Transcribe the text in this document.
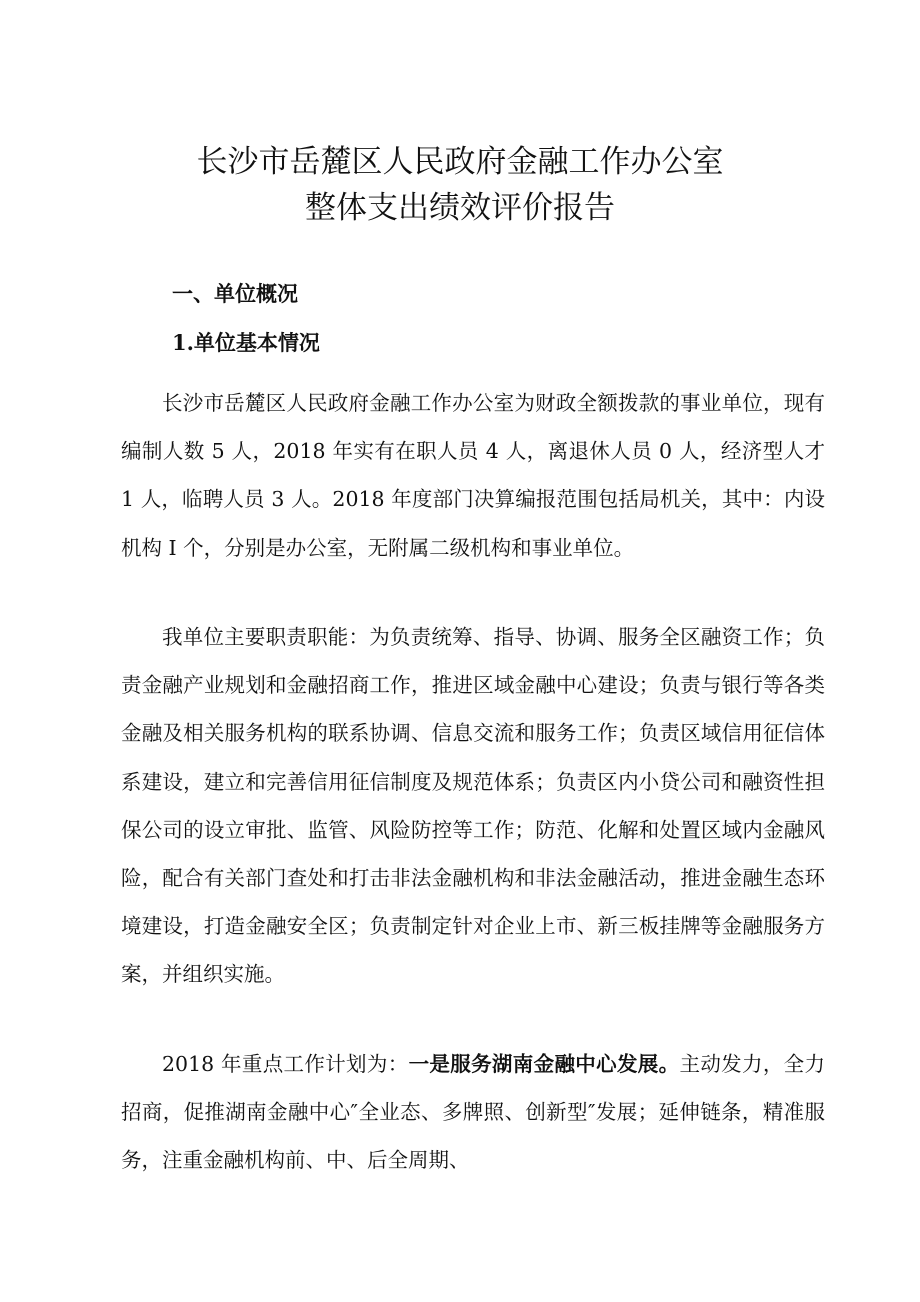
长沙市岳麓区人民政府金融工作办公室
整体支出绩效评价报告
一、单位概况
1.单位基本情况

长沙市岳麓区人民政府金融工作办公室为财政全额拨款的事业单位，现有编制人数 5 人，2018 年实有在职人员 4 人，离退休人员 0 人，经济型人才 1 人，临聘人员 3 人。2018 年度部门决算编报范围包括局机关，其中：内设机构 I 个，分别是办公室，无附属二级机构和事业单位。

我单位主要职责职能：为负责统筹、指导、协调、服务全区融资工作；负责金融产业规划和金融招商工作，推进区域金融中心建设；负责与银行等各类金融及相关服务机构的联系协调、信息交流和服务工作；负责区域信用征信体系建设，建立和完善信用征信制度及规范体系；负责区内小贷公司和融资性担保公司的设立审批、监管、风险防控等工作；防范、化解和处置区域内金融风险，配合有关部门查处和打击非法金融机构和非法金融活动，推进金融生态环境建设，打造金融安全区；负责制定针对企业上市、新三板挂牌等金融服务方案，并组织实施。

2018 年重点工作计划为：一是服务湖南金融中心发展。主动发力，全力招商，促推湖南金融中心″全业态、多牌照、创新型″发展；延伸链条，精准服务，注重金融机构前、中、后全周期、
